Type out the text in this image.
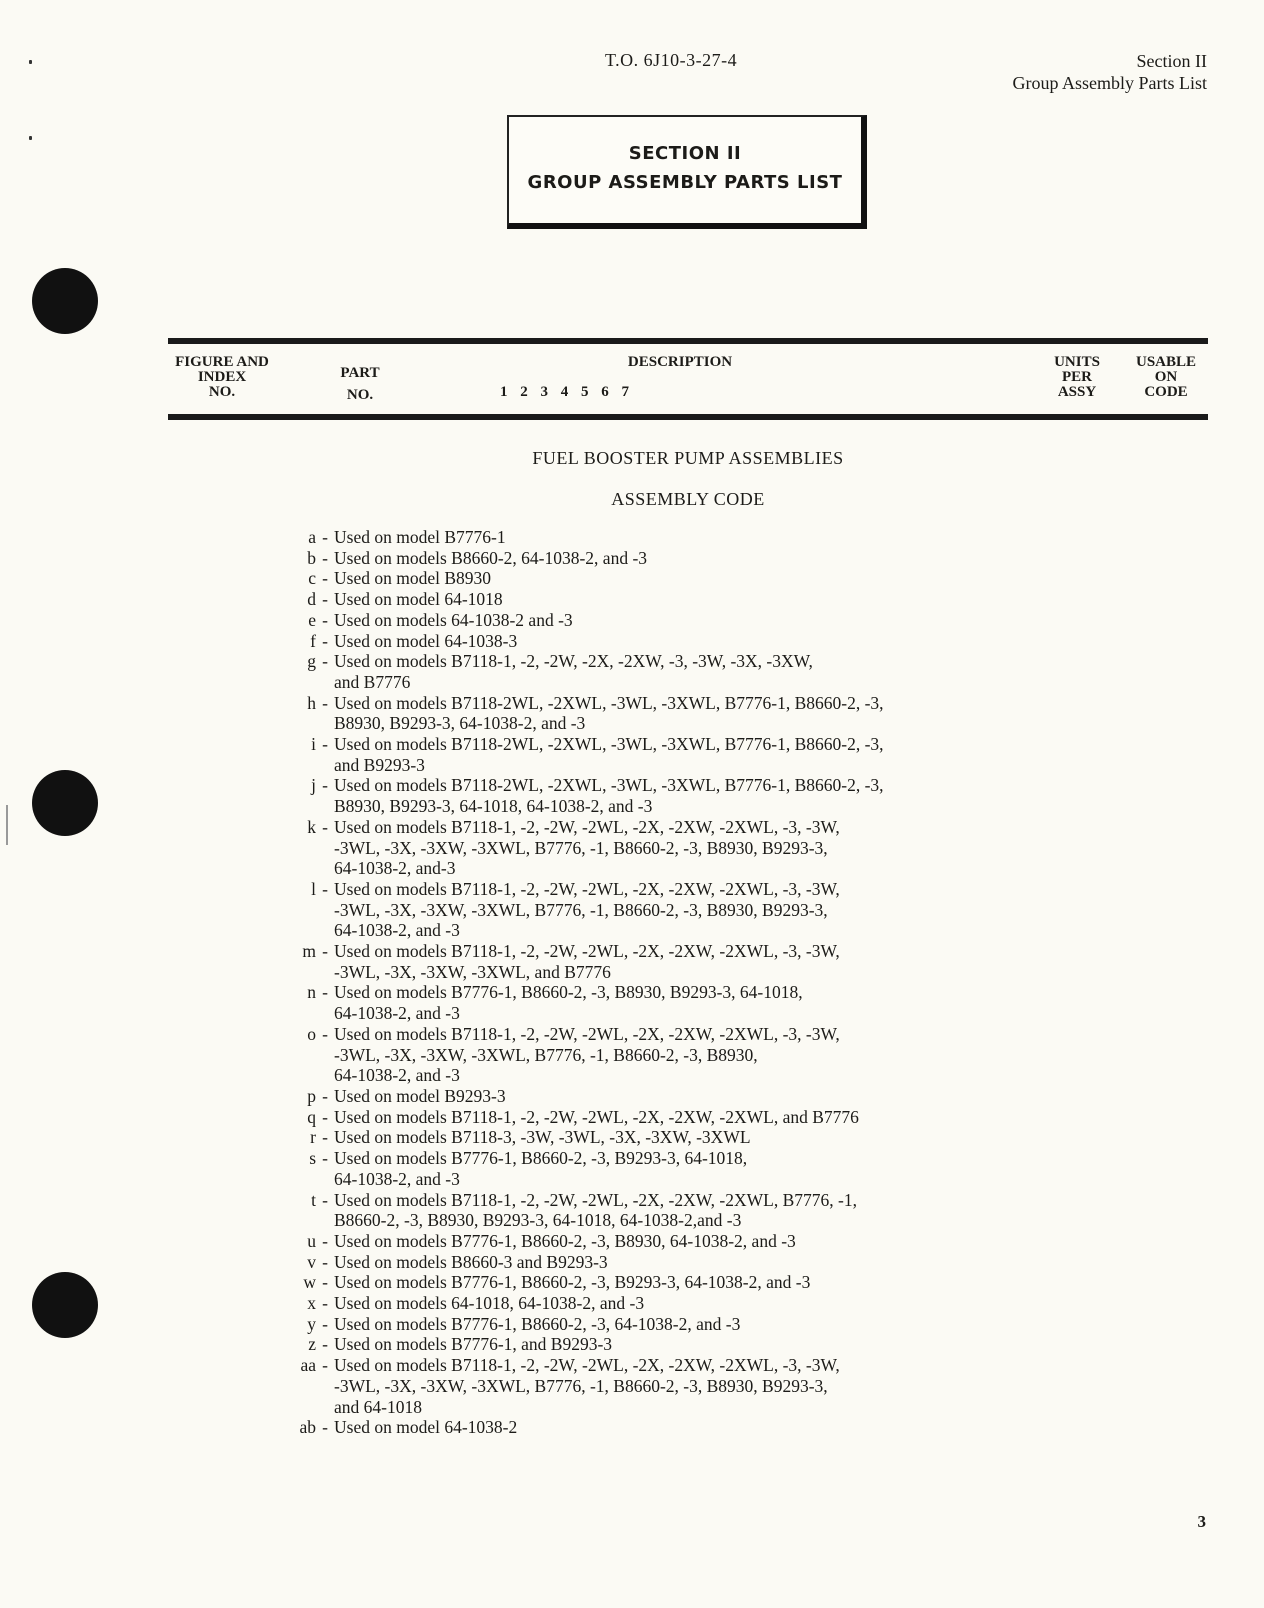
T.O. 6J10-3-27-4	Section II
Group Assembly Parts List
SECTION II
GROUP ASSEMBLY PARTS LIST
FIGURE AND
INDEX
NO.
PART
NO.
DESCRIPTION
1 2 3 4 5 6 7
UNITS
PER
ASSY
USABLE
ON
CODE
FUEL BOOSTER PUMP ASSEMBLIES
ASSEMBLY CODE
a - Used on model B7776-1
b - Used on models B8660-2, 64-1038-2, and -3
c - Used on model B8930
d - Used on model 64-1018
e - Used on models 64-1038-2 and -3
f - Used on model 64-1038-3
g - Used on models B7118-1, -2, -2W, -2X, -2XW, -3, -3W, -3X, -3XW,
and B7776
h - Used on models B7118-2WL, -2XWL, -3WL, -3XWL, B7776-1, B8660-2, -3,
B8930, B9293-3, 64-1038-2, and -3
i - Used on models B7118-2WL, -2XWL, -3WL, -3XWL, B7776-1, B8660-2, -3,
and B9293-3
j - Used on models B7118-2WL, -2XWL, -3WL, -3XWL, B7776-1, B8660-2, -3,
B8930, B9293-3, 64-1018, 64-1038-2, and -3
k - Used on models B7118-1, -2, -2W, -2WL, -2X, -2XW, -2XWL, -3, -3W,
-3WL, -3X, -3XW, -3XWL, B7776, -1, B8660-2, -3, B8930, B9293-3,
64-1038-2, and-3
l - Used on models B7118-1, -2, -2W, -2WL, -2X, -2XW, -2XWL, -3, -3W,
-3WL, -3X, -3XW, -3XWL, B7776, -1, B8660-2, -3, B8930, B9293-3,
64-1038-2, and -3
m - Used on models B7118-1, -2, -2W, -2WL, -2X, -2XW, -2XWL, -3, -3W,
-3WL, -3X, -3XW, -3XWL, and B7776
n - Used on models B7776-1, B8660-2, -3, B8930, B9293-3, 64-1018,
64-1038-2, and -3
o - Used on models B7118-1, -2, -2W, -2WL, -2X, -2XW, -2XWL, -3, -3W,
-3WL, -3X, -3XW, -3XWL, B7776, -1, B8660-2, -3, B8930,
64-1038-2, and -3
p - Used on model B9293-3
q - Used on models B7118-1, -2, -2W, -2WL, -2X, -2XW, -2XWL, and B7776
r - Used on models B7118-3, -3W, -3WL, -3X, -3XW, -3XWL
s - Used on models B7776-1, B8660-2, -3, B9293-3, 64-1018,
64-1038-2, and -3
t - Used on models B7118-1, -2, -2W, -2WL, -2X, -2XW, -2XWL, B7776, -1,
B8660-2, -3, B8930, B9293-3, 64-1018, 64-1038-2,and -3
u - Used on models B7776-1, B8660-2, -3, B8930, 64-1038-2, and -3
v - Used on models B8660-3 and B9293-3
w - Used on models B7776-1, B8660-2, -3, B9293-3, 64-1038-2, and -3
x - Used on models 64-1018, 64-1038-2, and -3
y - Used on models B7776-1, B8660-2, -3, 64-1038-2, and -3
z - Used on models B7776-1, and B9293-3
aa - Used on models B7118-1, -2, -2W, -2WL, -2X, -2XW, -2XWL, -3, -3W,
-3WL, -3X, -3XW, -3XWL, B7776, -1, B8660-2, -3, B8930, B9293-3,
and 64-1018
ab - Used on model 64-1038-2
3
